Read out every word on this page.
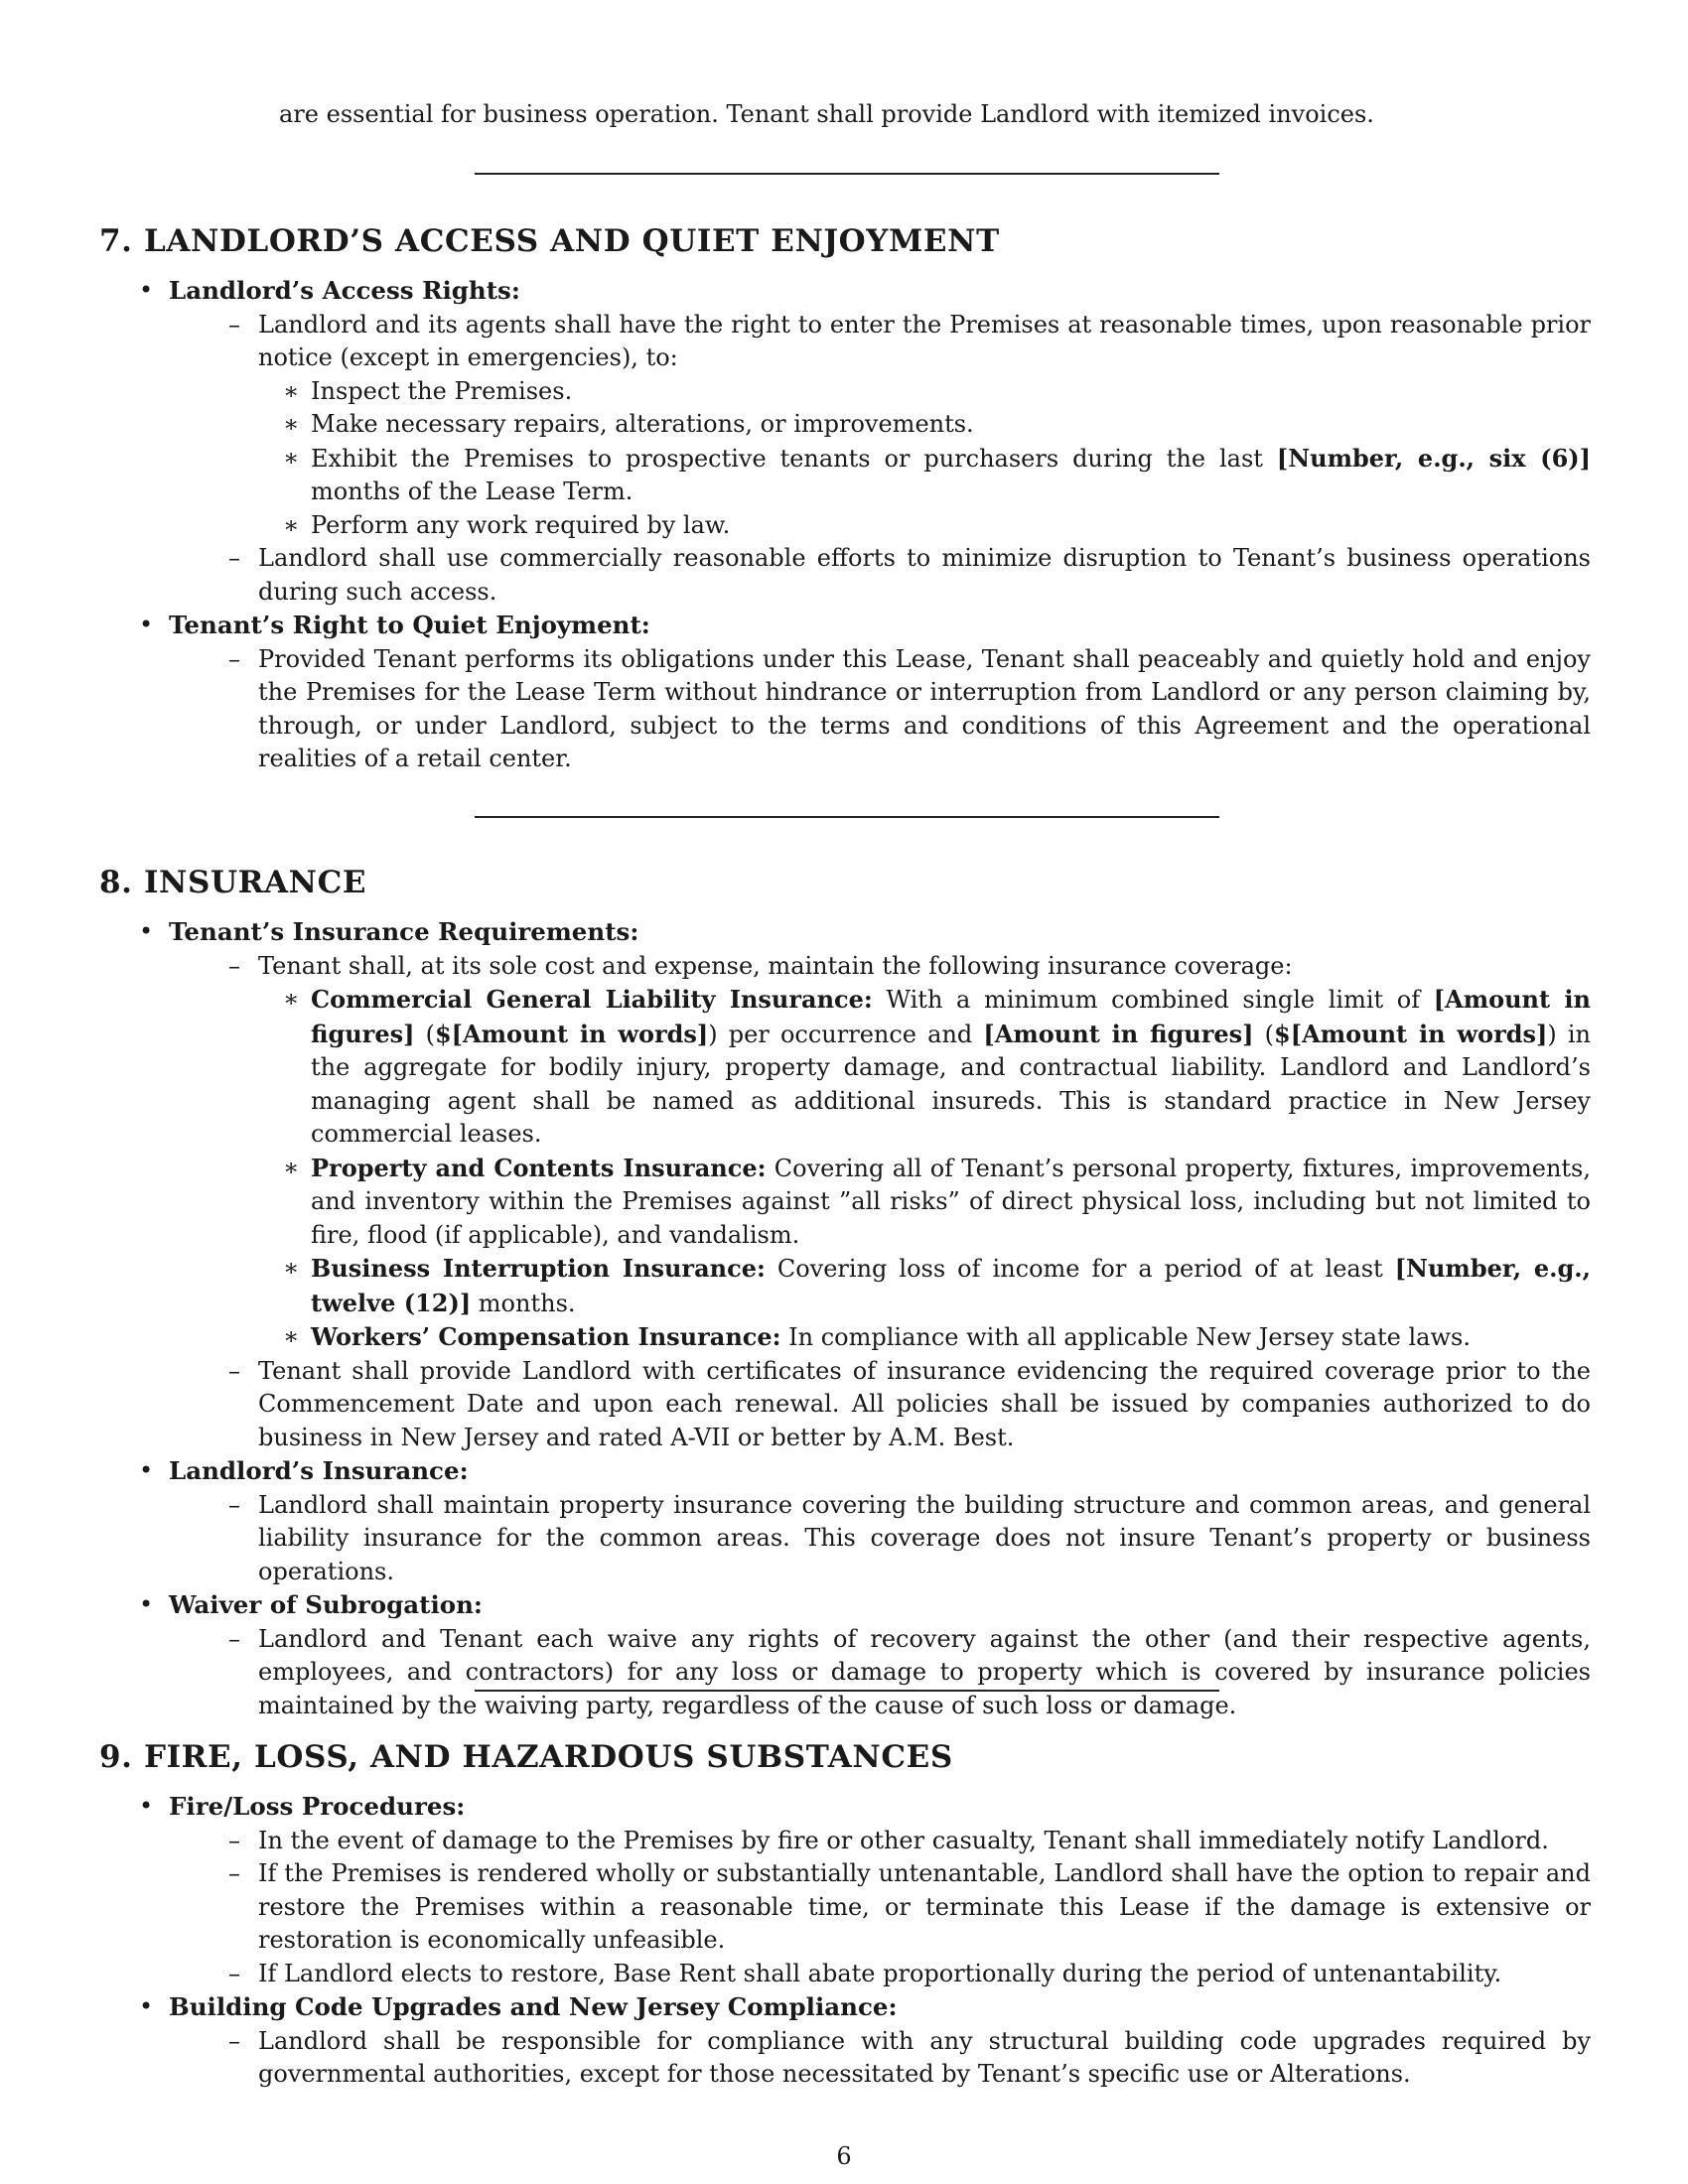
are essential for business operation. Tenant shall provide Landlord with itemized invoices.
7. LANDLORD’S ACCESS AND QUIET ENJOYMENT
• Landlord’s Access Rights:
– Landlord and its agents shall have the right to enter the Premises at reasonable times, upon reasonable prior notice (except in emergencies), to:
∗ Inspect the Premises.
∗ Make necessary repairs, alterations, or improvements.
∗ Exhibit the Premises to prospective tenants or purchasers during the last [Number, e.g., six (6)] months of the Lease Term.
∗ Perform any work required by law.
– Landlord shall use commercially reasonable efforts to minimize disruption to Tenant’s business operations during such access.
• Tenant’s Right to Quiet Enjoyment:
– Provided Tenant performs its obligations under this Lease, Tenant shall peaceably and quietly hold and enjoy the Premises for the Lease Term without hindrance or interruption from Landlord or any person claiming by, through, or under Landlord, subject to the terms and conditions of this Agreement and the operational realities of a retail center.
8. INSURANCE
• Tenant’s Insurance Requirements:
– Tenant shall, at its sole cost and expense, maintain the following insurance coverage:
∗ Commercial General Liability Insurance: With a minimum combined single limit of [Amount in figures] ($[Amount in words]) per occurrence and [Amount in figures] ($[Amount in words]) in the aggregate for bodily injury, property damage, and contractual liability. Landlord and Landlord’s managing agent shall be named as additional insureds. This is standard practice in New Jersey commercial leases.
∗ Property and Contents Insurance: Covering all of Tenant’s personal property, fixtures, improvements, and inventory within the Premises against ”all risks” of direct physical loss, including but not limited to fire, flood (if applicable), and vandalism.
∗ Business Interruption Insurance: Covering loss of income for a period of at least [Number, e.g., twelve (12)] months.
∗ Workers’ Compensation Insurance: In compliance with all applicable New Jersey state laws.
– Tenant shall provide Landlord with certificates of insurance evidencing the required coverage prior to the Commencement Date and upon each renewal. All policies shall be issued by companies authorized to do business in New Jersey and rated A-VII or better by A.M. Best.
• Landlord’s Insurance:
– Landlord shall maintain property insurance covering the building structure and common areas, and general liability insurance for the common areas. This coverage does not insure Tenant’s property or business operations.
• Waiver of Subrogation:
– Landlord and Tenant each waive any rights of recovery against the other (and their respective agents, employees, and contractors) for any loss or damage to property which is covered by insurance policies maintained by the waiving party, regardless of the cause of such loss or damage.
9. FIRE, LOSS, AND HAZARDOUS SUBSTANCES
• Fire/Loss Procedures:
– In the event of damage to the Premises by fire or other casualty, Tenant shall immediately notify Landlord.
– If the Premises is rendered wholly or substantially untenantable, Landlord shall have the option to repair and restore the Premises within a reasonable time, or terminate this Lease if the damage is extensive or restoration is economically unfeasible.
– If Landlord elects to restore, Base Rent shall abate proportionally during the period of untenantability.
• Building Code Upgrades and New Jersey Compliance:
– Landlord shall be responsible for compliance with any structural building code upgrades required by governmental authorities, except for those necessitated by Tenant’s specific use or Alterations.
6
